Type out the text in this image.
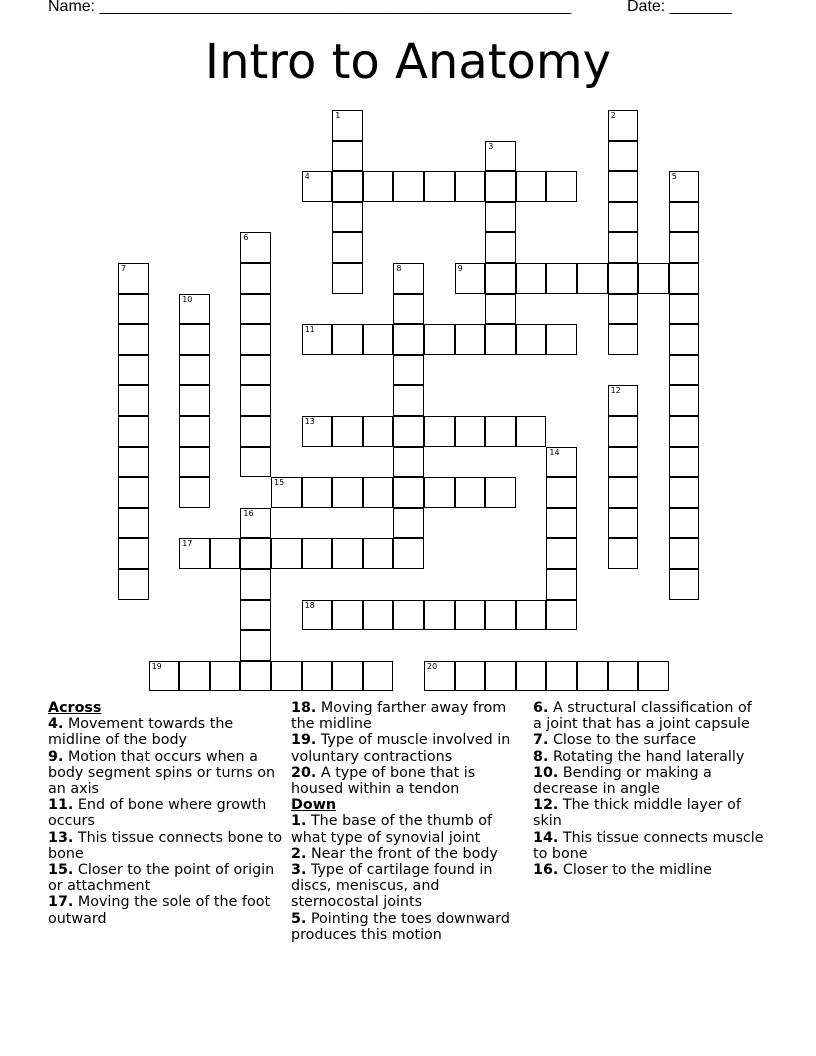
Name: _____________________________________________________	Date: _______
Intro to Anatomy
4
9
11
13
15
17
18
19	20
1	2
3
5
6
7	8
10
12
14
16
Across
4. Movement towards the midline of the body
9. Motion that occurs when a body segment spins or turns on an axis
11. End of bone where growth occurs
13. This tissue connects bone to bone
15. Closer to the point of origin or attachment
17. Moving the sole of the foot outward
18. Moving farther away from the midline
19. Type of muscle involved in voluntary contractions
20. A type of bone that is housed within a tendon
Down
1. The base of the thumb of what type of synovial joint
2. Near the front of the body
3. Type of cartilage found in discs, meniscus, and sternocostal joints
5. Pointing the toes downward produces this motion
6. A structural classification of a joint that has a joint capsule
7. Close to the surface
8. Rotating the hand laterally
10. Bending or making a decrease in angle
12. The thick middle layer of skin
14. This tissue connects muscle to bone
16. Closer to the midline
